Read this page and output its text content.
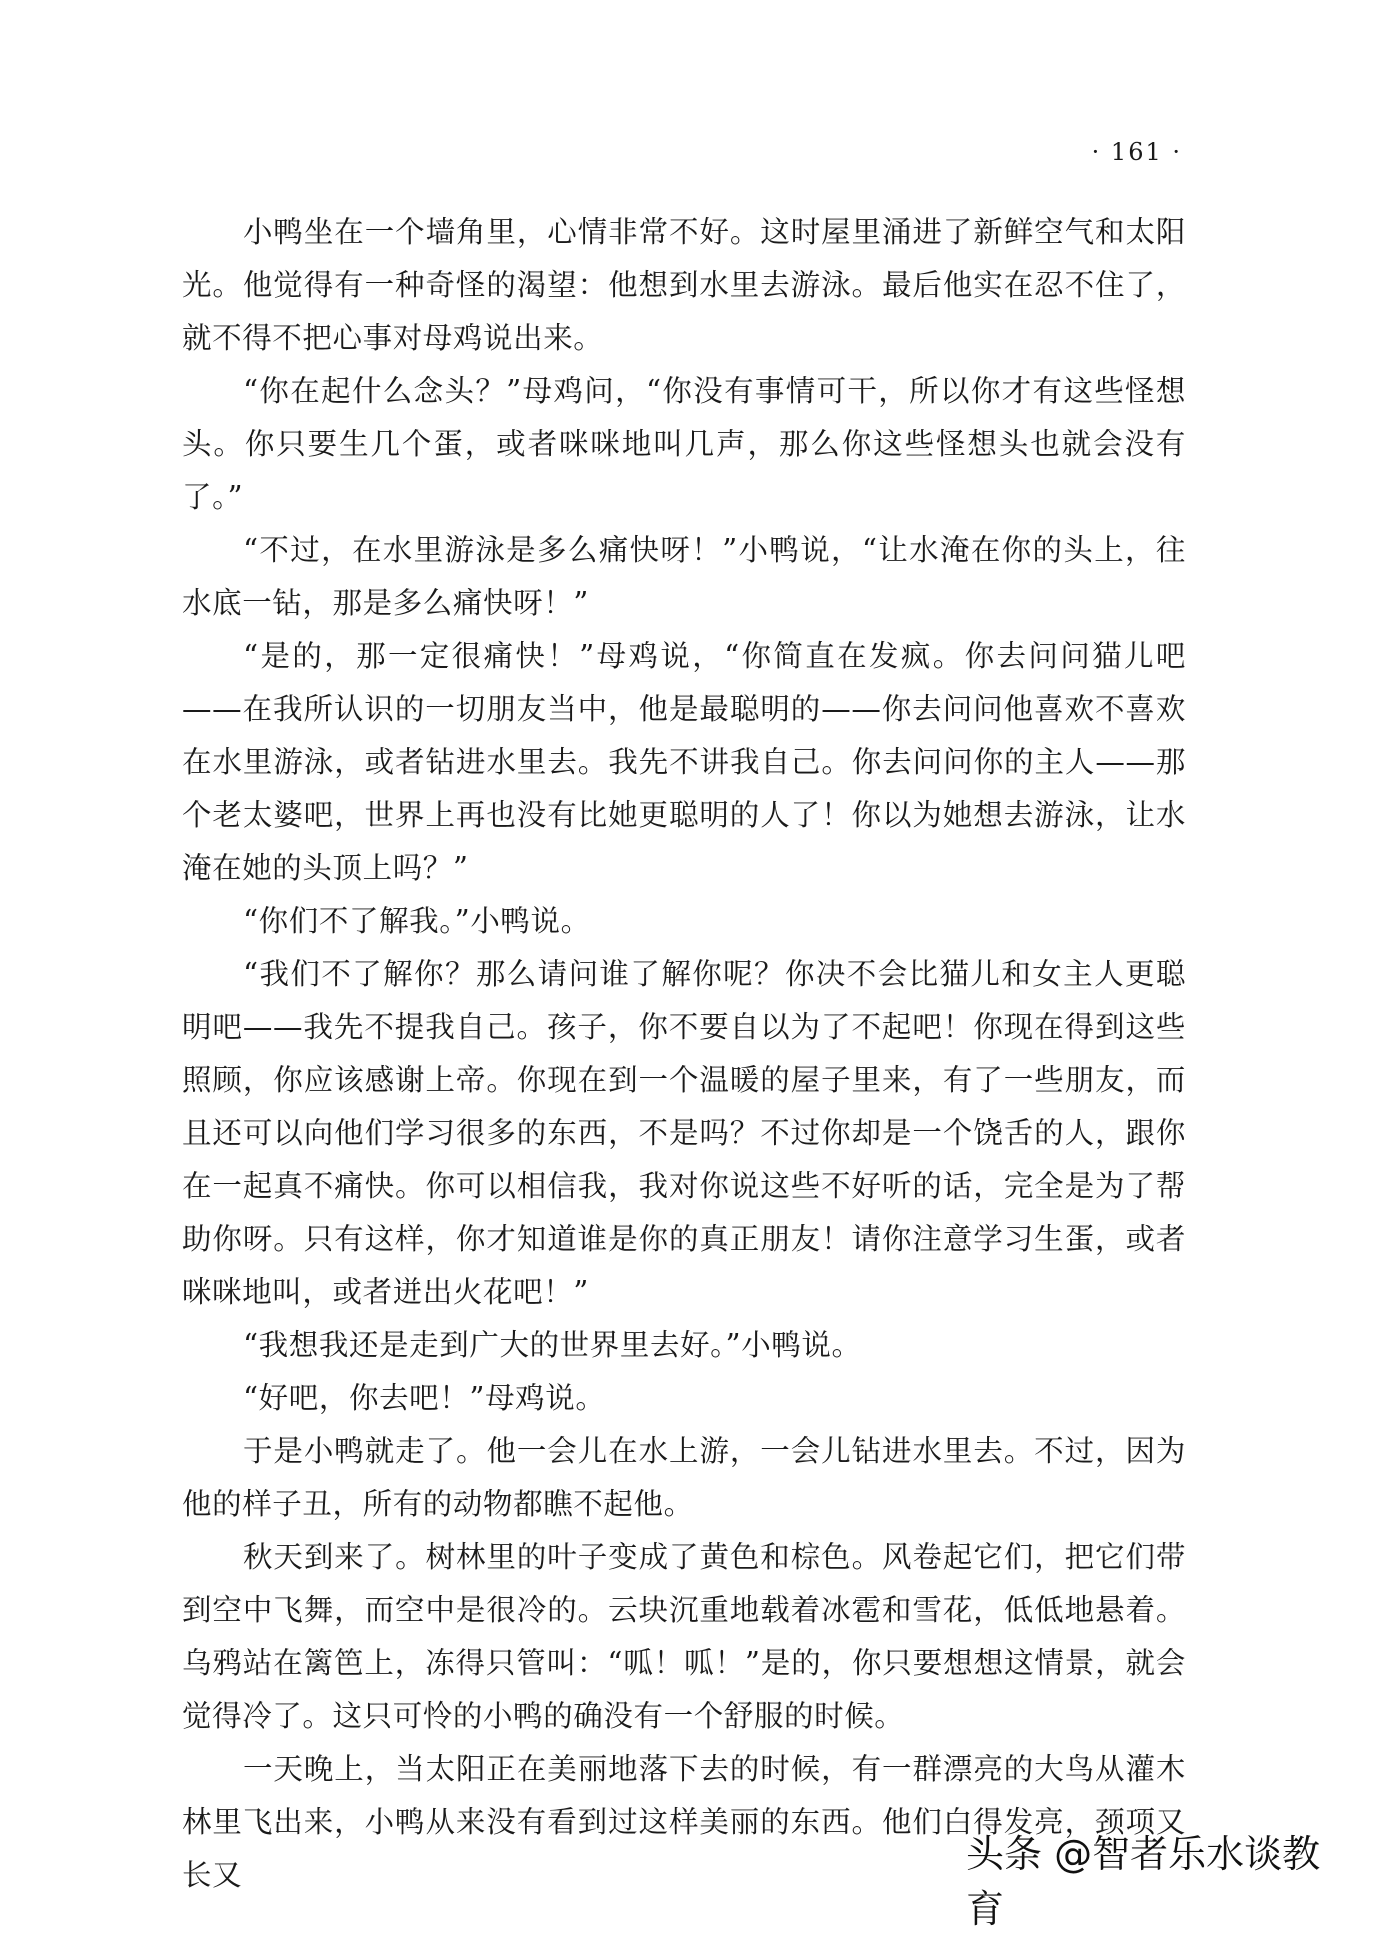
· 161 ·

小鸭坐在一个墙角里，心情非常不好。这时屋里涌进了新鲜空气和太阳光。他觉得有一种奇怪的渴望：他想到水里去游泳。最后他实在忍不住了，就不得不把心事对母鸡说出来。

“你在起什么念头？”母鸡问，“你没有事情可干，所以你才有这些怪想头。你只要生几个蛋，或者咪咪地叫几声，那么你这些怪想头也就会没有了。”

“不过，在水里游泳是多么痛快呀！”小鸭说，“让水淹在你的头上，往水底一钻，那是多么痛快呀！”

“是的，那一定很痛快！”母鸡说，“你简直在发疯。你去问问猫儿吧——在我所认识的一切朋友当中，他是最聪明的——你去问问他喜欢不喜欢在水里游泳，或者钻进水里去。我先不讲我自己。你去问问你的主人——那个老太婆吧，世界上再也没有比她更聪明的人了！你以为她想去游泳，让水淹在她的头顶上吗？”

“你们不了解我。”小鸭说。

“我们不了解你？那么请问谁了解你呢？你决不会比猫儿和女主人更聪明吧——我先不提我自己。孩子，你不要自以为了不起吧！你现在得到这些照顾，你应该感谢上帝。你现在到一个温暖的屋子里来，有了一些朋友，而且还可以向他们学习很多的东西，不是吗？不过你却是一个饶舌的人，跟你在一起真不痛快。你可以相信我，我对你说这些不好听的话，完全是为了帮助你呀。只有这样，你才知道谁是你的真正朋友！请你注意学习生蛋，或者咪咪地叫，或者迸出火花吧！”

“我想我还是走到广大的世界里去好。”小鸭说。

“好吧，你去吧！”母鸡说。

于是小鸭就走了。他一会儿在水上游，一会儿钻进水里去。不过，因为他的样子丑，所有的动物都瞧不起他。

秋天到来了。树林里的叶子变成了黄色和棕色。风卷起它们，把它们带到空中飞舞，而空中是很冷的。云块沉重地载着冰雹和雪花，低低地悬着。乌鸦站在篱笆上，冻得只管叫：“呱！呱！”是的，你只要想想这情景，就会觉得冷了。这只可怜的小鸭的确没有一个舒服的时候。

一天晚上，当太阳正在美丽地落下去的时候，有一群漂亮的大鸟从灌木林里飞出来，小鸭从来没有看到过这样美丽的东西。他们白得发亮，颈项又长又	头条 @智者乐水谈教育
